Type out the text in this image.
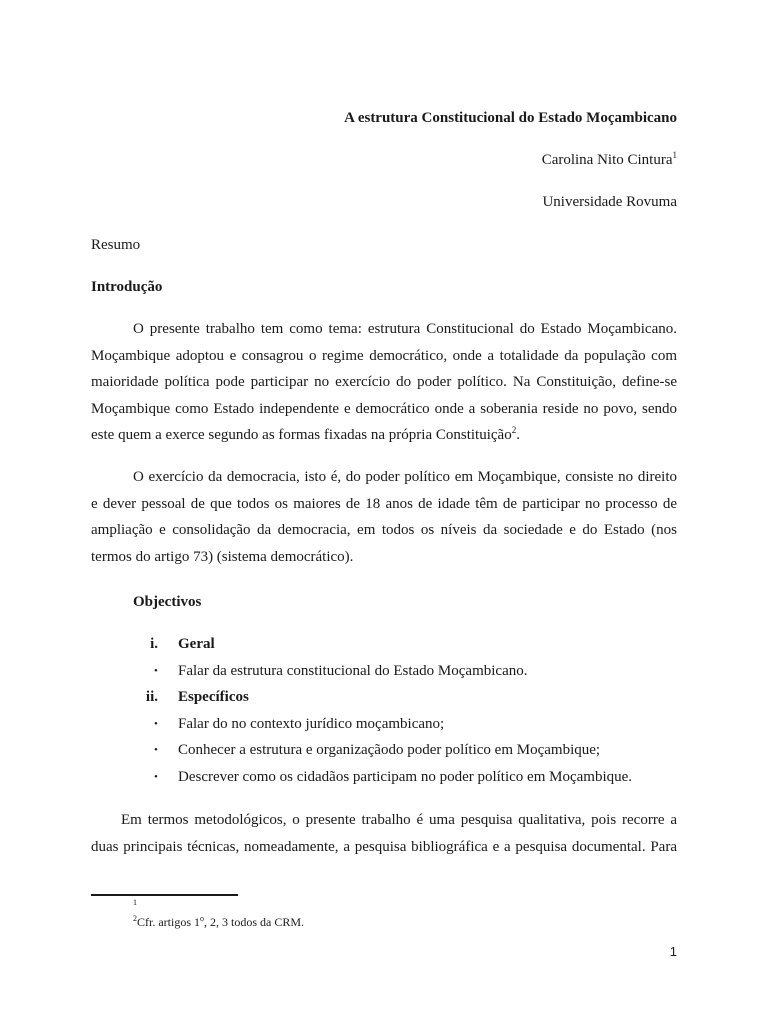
A estrutura Constitucional do Estado Moçambicano
Carolina Nito Cintura$^1$
Universidade Rovuma
Resumo
Introdução
O presente trabalho tem como tema: estrutura Constitucional do Estado Moçambicano.
Moçambique adoptou e consagrou o regime democrático, onde a totalidade da população com
maioridade política pode participar no exercício do poder político. Na Constituição, define-se
Moçambique como Estado independente e democrático onde a soberania reside no povo, sendo
este quem a exerce segundo as formas fixadas na própria Constituição$^2$.
O exercício da democracia, isto é, do poder político em Moçambique, consiste no direito
e dever pessoal de que todos os maiores de 18 anos de idade têm de participar no processo de
ampliação e consolidação da democracia, em todos os níveis da sociedade e do Estado (nos
termos do artigo 73) (sistema democrático).
Objectivos
i. Geral
• Falar da estrutura constitucional do Estado Moçambicano.
ii. Específicos
• Falar do no contexto jurídico moçambicano;
• Conhecer a estrutura e organizaçãodo poder político em Moçambique;
• Descrever como os cidadãos participam no poder político em Moçambique.
Em termos metodológicos, o presente trabalho é uma pesquisa qualitativa, pois recorre a
duas principais técnicas, nomeadamente, a pesquisa bibliográfica e a pesquisa documental. Para
1
$^2$Cfr. artigos 1$^o$, 2, 3 todos da CRM.
1
